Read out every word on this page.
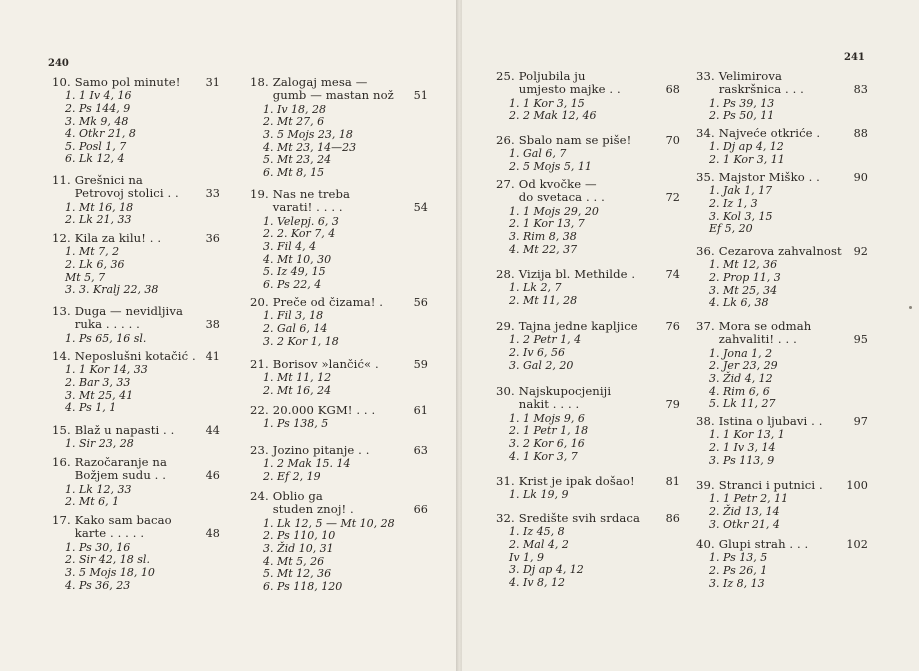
240
10. Samo pol minute! 31
1. 1 Iv 4, 16
2. Ps 144, 9
3. Mk 9, 48
4. Otkr 21, 8
5. Posl 1, 7
6. Lk 12, 4
11. Grešnici na
Petrovoj stolici . . 33
1. Mt 16, 18
2. Lk 21, 33
12. Kila za kilu! . .	36
1. Mt 7, 2
2. Lk 6, 36
Mt 5, 7
3. 3. Kralj 22, 38
13. Duga — nevidljiva
ruka . . . . .	38
1. Ps 65, 16 sl.
14. Neposlušni kotačić . 41
1. 1 Kor 14, 33
2. Bar 3, 33
3. Mt 25, 41
4. Ps 1, 1
15. Blaž u napasti . .	44
1. Sir 23, 28
16. Razočaranje na
Božjem sudu . .	46
1. Lk 12, 33
2. Mt 6, 1
17. Kako sam bacao
karte . . . . .	48
1. Ps 30, 16
2. Sir 42, 18 sl.
3. 5 Mojs 18, 10
4. Ps 36, 23
18. Zalogaj mesa —
gumb — mastan nož 51
1. Iv 18, 28
2. Mt 27, 6
3. 5 Mojs 23, 18
4. Mt 23, 14—23
5. Mt 23, 24
6. Mt 8, 15
19. Nas ne treba
varati! . . . .	54
1. Velepj. 6, 3
2. 2. Kor 7, 4
3. Fil 4, 4
4. Mt 10, 30
5. Iz 49, 15
6. Ps 22, 4
20. Preče od čizama! .	56
1. Fil 3, 18
2. Gal 6, 14
3. 2 Kor 1, 18
21. Borisov »lančić« .	59
1. Mt 11, 12
2. Mt 16, 24
22. 20.000 KGM! . . .	61
1. Ps 138, 5
23. Jozino pitanje . .	63
1. 2 Mak 15. 14
2. Ef 2, 19
24. Oblio ga
studen znoj! .	66
1. Lk 12, 5 — Mt 10, 28
2. Ps 110, 10
3. Žid 10, 31
4. Mt 5, 26
5. Mt 12, 36
6. Ps 118, 120
241
25. Poljubila ju
umjesto majke . .	68
1. 1 Kor 3, 15
2. 2 Mak 12, 46
26. Sbalo nam se piše!	70
1. Gal 6, 7
2. 5 Mojs 5, 11
27. Od kvočke —
do svetaca . . .	72
1. 1 Mojs 29, 20
2. 1 Kor 13, 7
3. Rim 8, 38
4. Mt 22, 37
28. Vizija bl. Methilde .	74
1. Lk 2, 7
2. Mt 11, 28
29. Tajna jedne kapljice 76
1. 2 Petr 1, 4
2. Iv 6, 56
3. Gal 2, 20
30. Najskupocjeniji
nakit . . . .	79
1. 1 Mojs 9, 6
2. 1 Petr 1, 18
3. 2 Kor 6, 16
4. 1 Kor 3, 7
31. Krist je ipak došao!	81
1. Lk 19, 9
32. Središte svih srdaca 86
1. Iz 45, 8
2. Mal 4, 2
Iv 1, 9
3. Dj ap 4, 12
4. Iv 8, 12
33. Velimirova
raskršnica . . .	83
1. Ps 39, 13
2. Ps 50, 11
34. Najveće otkriće .	88
1. Dj ap 4, 12
2. 1 Kor 3, 11
35. Majstor Miško . .	90
1. Jak 1, 17
2. Iz 1, 3
3. Kol 3, 15
Ef 5, 20
36. Cezarova zahvalnost 92
1. Mt 12, 36
2. Prop 11, 3
3. Mt 25, 34
4. Lk 6, 38
37. Mora se odmah
zahvaliti! . . .	95
1. Jona 1, 2
2. Jer 23, 29
3. Žid 4, 12
4. Rim 6, 6
5. Lk 11, 27
38. Istina o ljubavi . .	97
1. 1 Kor 13, 1
2. 1 Iv 3, 14
3. Ps 113, 9
39. Stranci i putnici . 100
1. 1 Petr 2, 11
2. Žid 13, 14
3. Otkr 21, 4
40. Glupi strah . . .	102
1. Ps 13, 5
2. Ps 26, 1
3. Iz 8, 13
